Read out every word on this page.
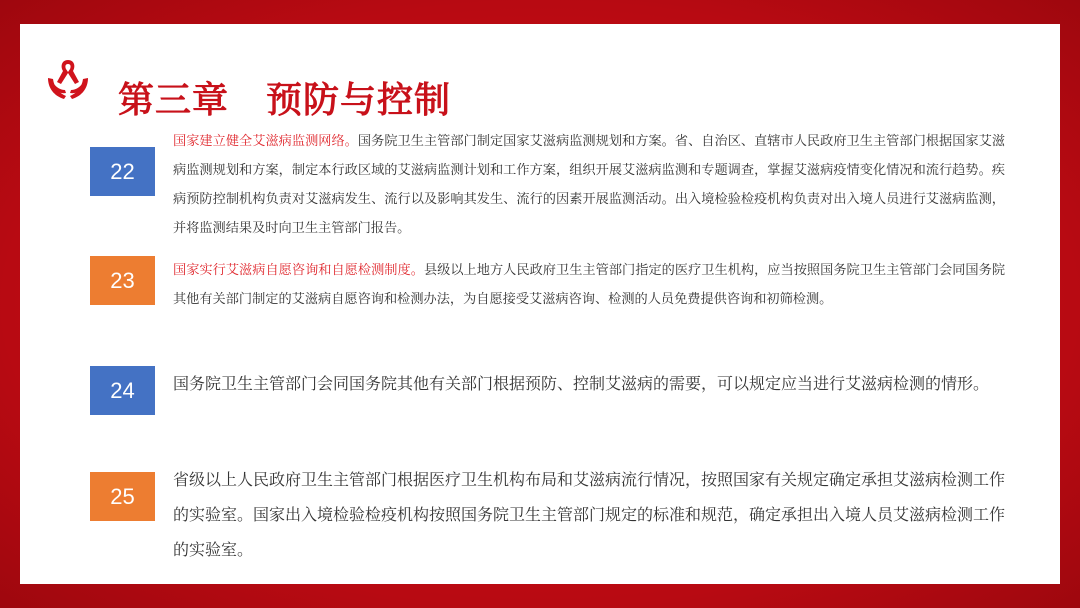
第三章　预防与控制
22
国家建立健全艾滋病监测网络。国务院卫生主管部门制定国家艾滋病监测规划和方案。省、自治区、直辖市人民政府卫生主管部门根据国家艾滋病监测规划和方案，制定本行政区域的艾滋病监测计划和工作方案，组织开展艾滋病监测和专题调查，掌握艾滋病疫情变化情况和流行趋势。疾病预防控制机构负责对艾滋病发生、流行以及影响其发生、流行的因素开展监测活动。出入境检验检疫机构负责对出入境人员进行艾滋病监测，并将监测结果及时向卫生主管部门报告。
23	国家实行艾滋病自愿咨询和自愿检测制度。县级以上地方人民政府卫生主管部门指定的医疗卫生机构，应当按照国务院卫生主管部门会同国务院其他有关部门制定的艾滋病自愿咨询和检测办法，为自愿接受艾滋病咨询、检测的人员免费提供咨询和初筛检测。
24	国务院卫生主管部门会同国务院其他有关部门根据预防、控制艾滋病的需要，可以规定应当进行艾滋病检测的情形。
25
省级以上人民政府卫生主管部门根据医疗卫生机构布局和艾滋病流行情况，按照国家有关规定确定承担艾滋病检测工作的实验室。国家出入境检验检疫机构按照国务院卫生主管部门规定的标准和规范，确定承担出入境人员艾滋病检测工作的实验室。
